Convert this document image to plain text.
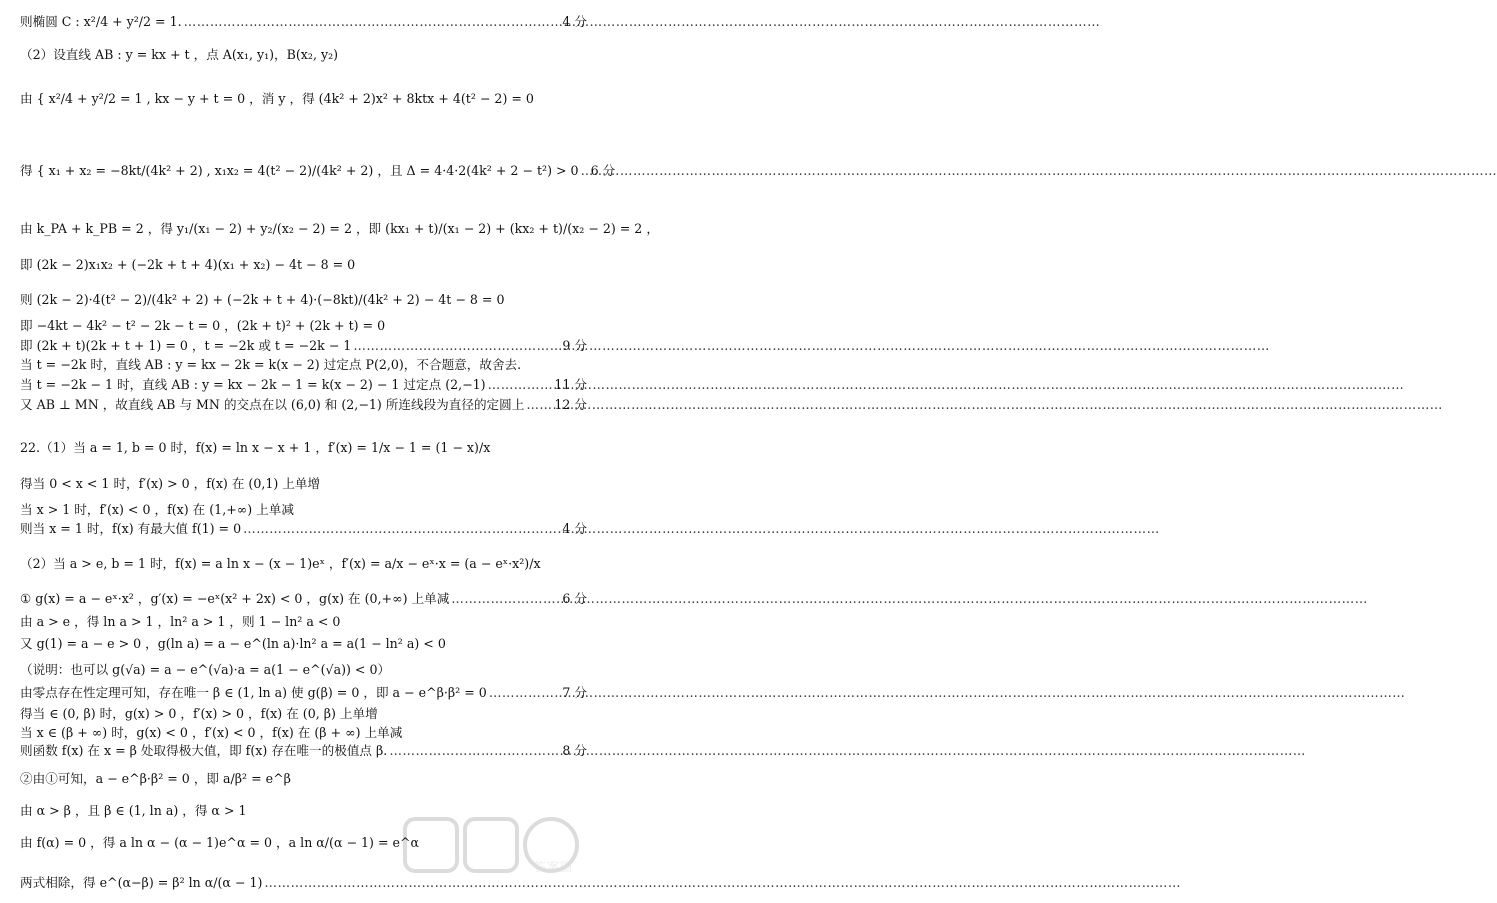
则椭圆 C : x²/4 + y²/2 = 1. …………………………………………………………………………………………………………………………………………………………………………………………	4 分
（2）设直线 AB : y = kx + t ，点 A(x₁, y₁)，B(x₂, y₂)
由 { x²/4 + y²/2 = 1 , kx − y + t = 0 ，消 y ，得 (4k² + 2)x² + 8ktx + 4(t² − 2) = 0
得 { x₁ + x₂ = −8kt/(4k² + 2) , x₁x₂ = 4(t² − 2)/(4k² + 2) ，且 Δ = 4·4·2(4k² + 2 − t²) > 0 ………………………………………………………………………………………………………………………………………………………………………………………… 6 分
由 k_PA + k_PB = 2 ，得 y₁/(x₁ − 2) + y₂/(x₂ − 2) = 2 ，即 (kx₁ + t)/(x₁ − 2) + (kx₂ + t)/(x₂ − 2) = 2 ，
即 (2k − 2)x₁x₂ + (−2k + t + 4)(x₁ + x₂) − 4t − 8 = 0
则 (2k − 2)·4(t² − 2)/(4k² + 2) + (−2k + t + 4)·(−8kt)/(4k² + 2) − 4t − 8 = 0
即 −4kt − 4k² − t² − 2k − t = 0 ，(2k + t)² + (2k + t) = 0
即 (2k + t)(2k + t + 1) = 0 ，t = −2k 或 t = −2k − 1 …………………………………………………………………………………………………………………………………………………………………………………………	9 分
当 t = −2k 时，直线 AB : y = kx − 2k = k(x − 2) 过定点 P(2,0)，不合题意，故舍去.
当 t = −2k − 1 时，直线 AB : y = kx − 2k − 1 = k(x − 2) − 1 过定点 (2,−1) …………………………………………………………………………………………………………………………………………………………………………………………	11 分
又 AB ⊥ MN ，故直线 AB 与 MN 的交点在以 (6,0) 和 (2,−1) 所连线段为直径的定圆上 ………………………………………………………………………………………………………………………………………………………………………………………… 12 分
22.（1）当 a = 1, b = 0 时，f(x) = ln x − x + 1 ，f′(x) = 1/x − 1 = (1 − x)/x
得当 0 < x < 1 时，f′(x) > 0 ，f(x) 在 (0,1) 上单增
当 x > 1 时，f′(x) < 0 ，f(x) 在 (1,+∞) 上单减
则当 x = 1 时，f(x) 有最大值 f(1) = 0 …………………………………………………………………………………………………………………………………………………………………………………………	4 分
（2）当 a > e, b = 1 时，f(x) = a ln x − (x − 1)eˣ ，f′(x) = a/x − eˣ·x = (a − eˣ·x²)/x
① g(x) = a − eˣ·x² ，g′(x) = −eˣ(x² + 2x) < 0 ，g(x) 在 (0,+∞) 上单减 …………………………………………………………………………………………………………………………………………………………………………………………	6 分
由 a > e ，得 ln a > 1 ，ln² a > 1 ，则 1 − ln² a < 0
又 g(1) = a − e > 0 ，g(ln a) = a − e^(ln a)·ln² a = a(1 − ln² a) < 0
（说明：也可以 g(√a) = a − e^(√a)·a = a(1 − e^(√a)) < 0）
由零点存在性定理可知，存在唯一 β ∈ (1, ln a) 使 g(β) = 0 ，即 a − e^β·β² = 0 …………………………………………………………………………………………………………………………………………………………………………………………	7 分
得当 ∈ (0, β) 时，g(x) > 0 ，f′(x) > 0 ，f(x) 在 (0, β) 上单增
当 x ∈ (β + ∞) 时，g(x) < 0 ，f′(x) < 0 ，f(x) 在 (β + ∞) 上单减
则函数 f(x) 在 x = β 处取得极大值，即 f(x) 存在唯一的极值点 β. …………………………………………………………………………………………………………………………………………………………………………………………	8 分
②由①可知，a − e^β·β² = 0 ，即 a/β² = e^β
由 α > β ，且 β ∈ (1, ln a) ，得 α > 1
由 f(α) = 0 ，得 a ln α − (α − 1)e^α = 0 ，a ln α/(α − 1) = e^α
两式相除，得 e^(α−β) = β² ln α/(α − 1)
…………………………………………………………………………………………………………………………………………………………………………………………
答案圈
